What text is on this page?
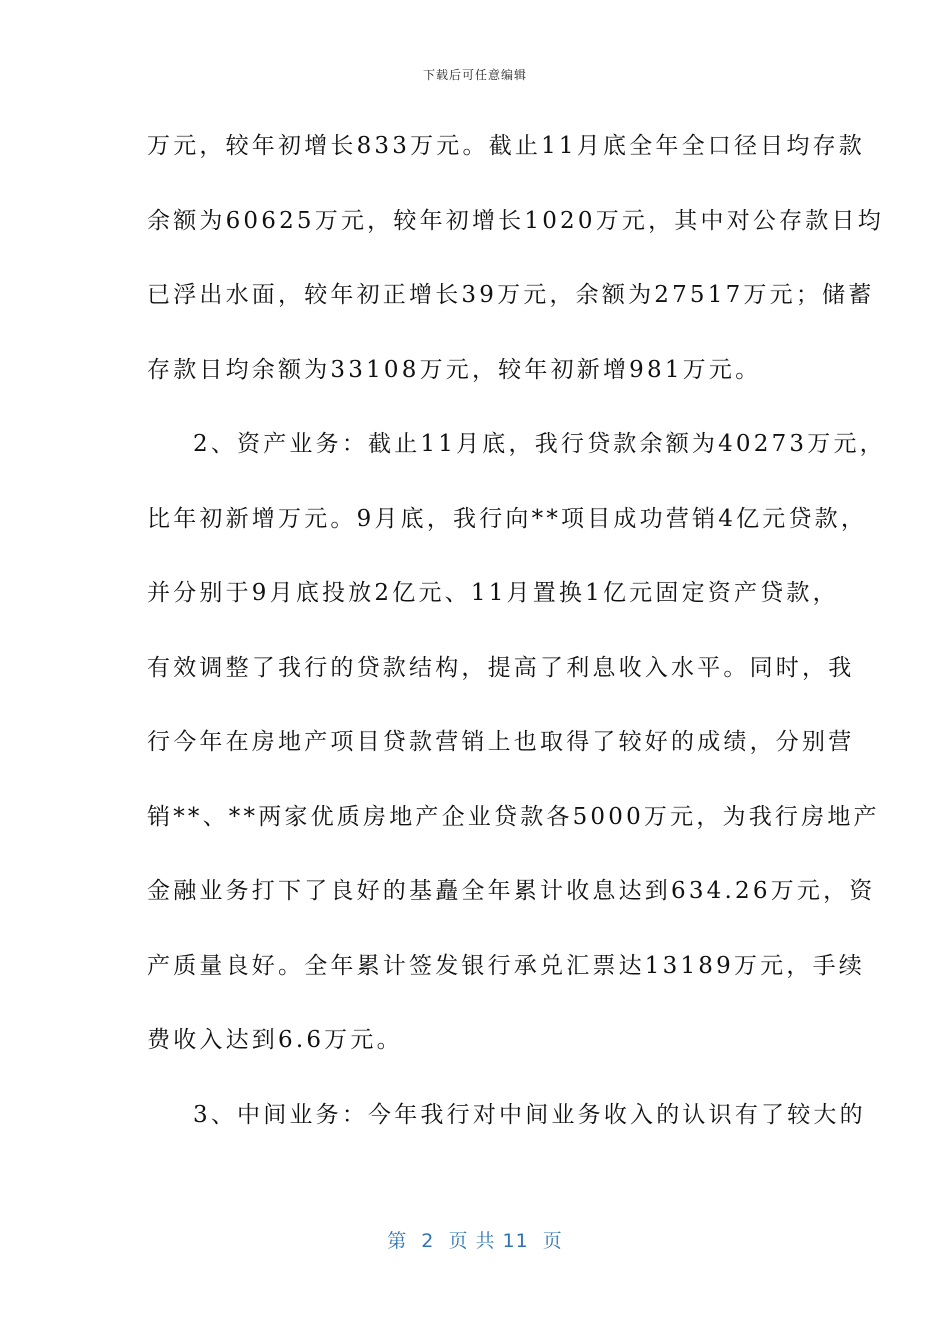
下载后可任意编辑
万元，较年初增长833万元。截止11月底全年全口径日均存款
余额为60625万元，较年初增长1020万元，其中对公存款日均
已浮出水面，较年初正增长39万元，余额为27517万元；储蓄
存款日均余额为33108万元，较年初新增981万元。
2、资产业务：截止11月底，我行贷款余额为40273万元，
比年初新增万元。9月底，我行向**项目成功营销4亿元贷款，
并分别于9月底投放2亿元、11月置换1亿元固定资产贷款，
有效调整了我行的贷款结构，提高了利息收入水平。同时，我
行今年在房地产项目贷款营销上也取得了较好的成绩，分别营
销**、**两家优质房地产企业贷款各5000万元，为我行房地产
金融业务打下了良好的基矗全年累计收息达到634.26万元，资
产质量良好。全年累计签发银行承兑汇票达13189万元，手续
费收入达到6.6万元。
3、中间业务：今年我行对中间业务收入的认识有了较大的
第  2  页 共 11  页
